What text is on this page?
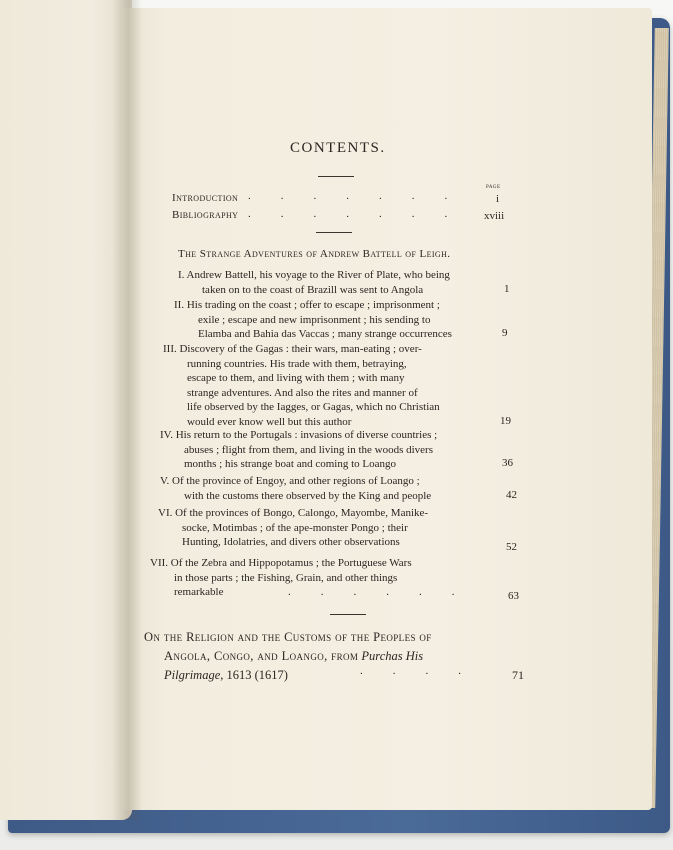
CONTENTS.
PAGE
Introduction .​.​.​.​.​.​. i
Bibliography .​.​.​.​.​.​. xviii
The Strange Adventures of Andrew Battell of Leigh.
I. Andrew Battell, his voyage to the River of Plate, who being
taken on to the coast of Brazill was sent to Angola	1
II. His trading on the coast ; offer to escape ; imprisonment ;
exile ; escape and new imprisonment ; his sending to
Elamba and Bahia das Vaccas ; many strange occurrences	9
III. Discovery of the Gagas : their wars, man-eating ; over-
running countries. His trade with them, betraying,
escape to them, and living with them ; with many
strange adventures. And also the rites and manner of
life observed by the Iagges, or Gagas, which no Christian
would ever know well but this author	19
IV. His return to the Portugals : invasions of diverse countries ;
abuses ; flight from them, and living in the woods divers
months ; his strange boat and coming to Loango	36
V. Of the province of Engoy, and other regions of Loango ;
with the customs there observed by the King and people	42
VI. Of the provinces of Bongo, Calongo, Mayombe, Manike-
socke, Motimbas ; of the ape-monster Pongo ; their
Hunting, Idolatries, and divers other observations	52
VII. Of the Zebra and Hippopotamus ; the Portuguese Wars
in those parts ; the Fishing, Grain, and other things
remarkable	.​.​.​.​.​. 63
On the Religion and the Customs of the Peoples of
Angola, Congo, and Loango, from Purchas His
Pilgrimage, 1613 (1617)	.​.​.​. 71
